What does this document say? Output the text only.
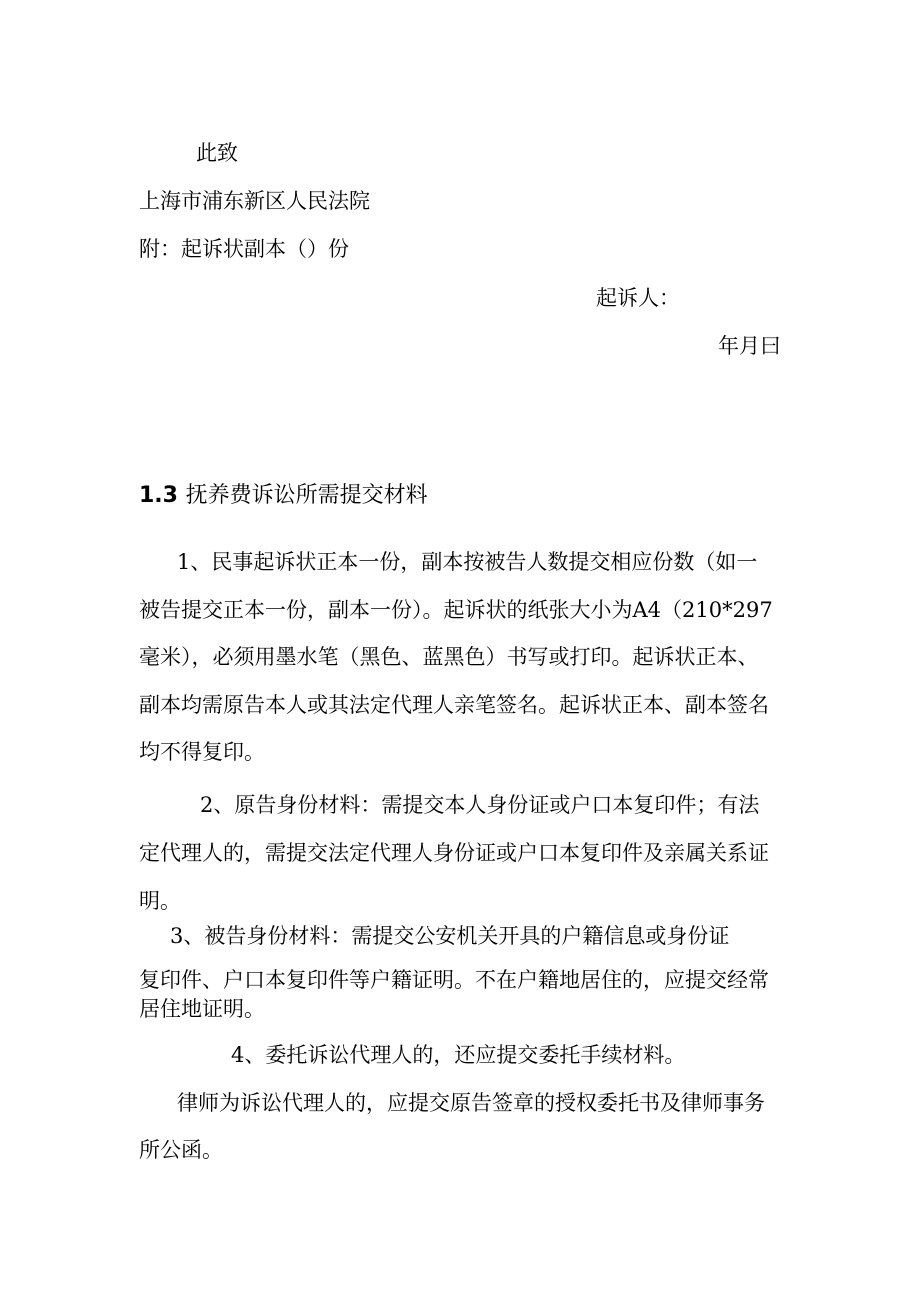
此致

上海市浦东新区人民法院

附：起诉状副本（）份

起诉人：

年月曰

1.3 抚养费诉讼所需提交材料

1、民事起诉状正本一份，副本按被告人数提交相应份数（如一

被告提交正本一份，副本一份）。起诉状的纸张大小为A4（210*297

毫米），必须用墨水笔（黑色、蓝黑色）书写或打印。起诉状正本、

副本均需原告本人或其法定代理人亲笔签名。起诉状正本、副本签名

均不得复印。

2、原告身份材料：需提交本人身份证或户口本复印件；有法

定代理人的，需提交法定代理人身份证或户口本复印件及亲属关系证

明。

3、被告身份材料：需提交公安机关开具的户籍信息或身份证

复印件、户口本复印件等户籍证明。不在户籍地居住的，应提交经常

居住地证明。

4、委托诉讼代理人的，还应提交委托手续材料。

律师为诉讼代理人的，应提交原告签章的授权委托书及律师事务

所公函。
